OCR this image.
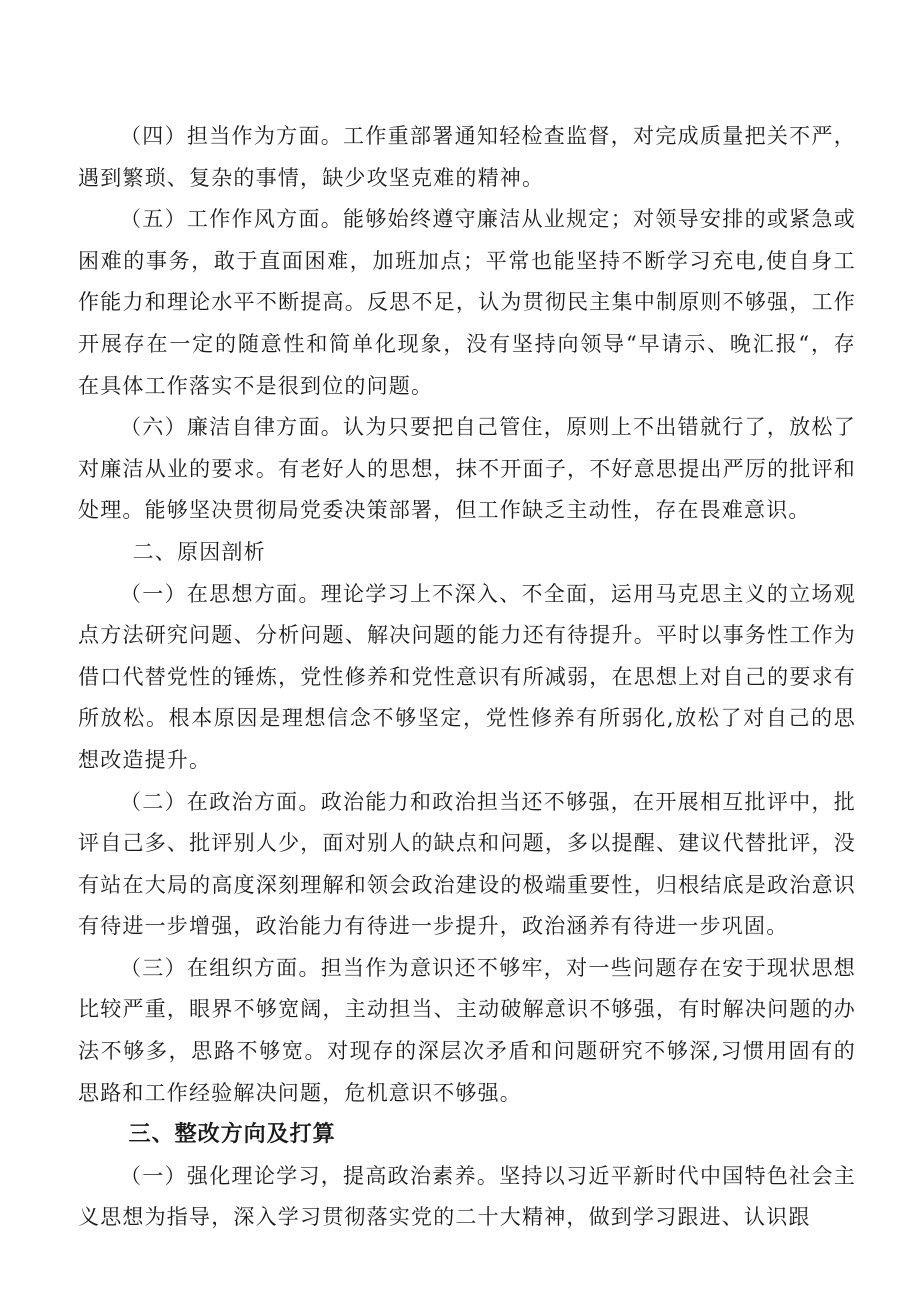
（四）担当作为方面。工作重部署通知轻检查监督，对完成质量把关不严，遇到繁琐、复杂的事情，缺少攻坚克难的精神。

（五）工作作风方面。能够始终遵守廉洁从业规定；对领导安排的或紧急或困难的事务，敢于直面困难，加班加点；平常也能坚持不断学习充电,使自身工作能力和理论水平不断提高。反思不足，认为贯彻民主集中制原则不够强，工作开展存在一定的随意性和简单化现象，没有坚持向领导“早请示、晚汇报“，存在具体工作落实不是很到位的问题。

（六）廉洁自律方面。认为只要把自己管住，原则上不出错就行了，放松了对廉洁从业的要求。有老好人的思想，抹不开面子，不好意思提出严厉的批评和处理。能够坚决贯彻局党委决策部署，但工作缺乏主动性，存在畏难意识。

二、原因剖析

（一）在思想方面。理论学习上不深入、不全面，运用马克思主义的立场观点方法研究问题、分析问题、解决问题的能力还有待提升。平时以事务性工作为借口代替党性的锤炼，党性修养和党性意识有所减弱，在思想上对自己的要求有所放松。根本原因是理想信念不够坚定，党性修养有所弱化,放松了对自己的思想改造提升。

（二）在政治方面。政治能力和政治担当还不够强，在开展相互批评中，批评自己多、批评别人少，面对别人的缺点和问题，多以提醒、建议代替批评，没有站在大局的高度深刻理解和领会政治建设的极端重要性，归根结底是政治意识有待进一步增强，政治能力有待进一步提升，政治涵养有待进一步巩固。

（三）在组织方面。担当作为意识还不够牢，对一些问题存在安于现状思想比较严重，眼界不够宽阔，主动担当、主动破解意识不够强，有时解决问题的办法不够多，思路不够宽。对现存的深层次矛盾和问题研究不够深,习惯用固有的思路和工作经验解决问题，危机意识不够强。

三、整改方向及打算

（一）强化理论学习，提高政治素养。坚持以习近平新时代中国特色社会主义思想为指导，深入学习贯彻落实党的二十大精神，做到学习跟进、认识跟
